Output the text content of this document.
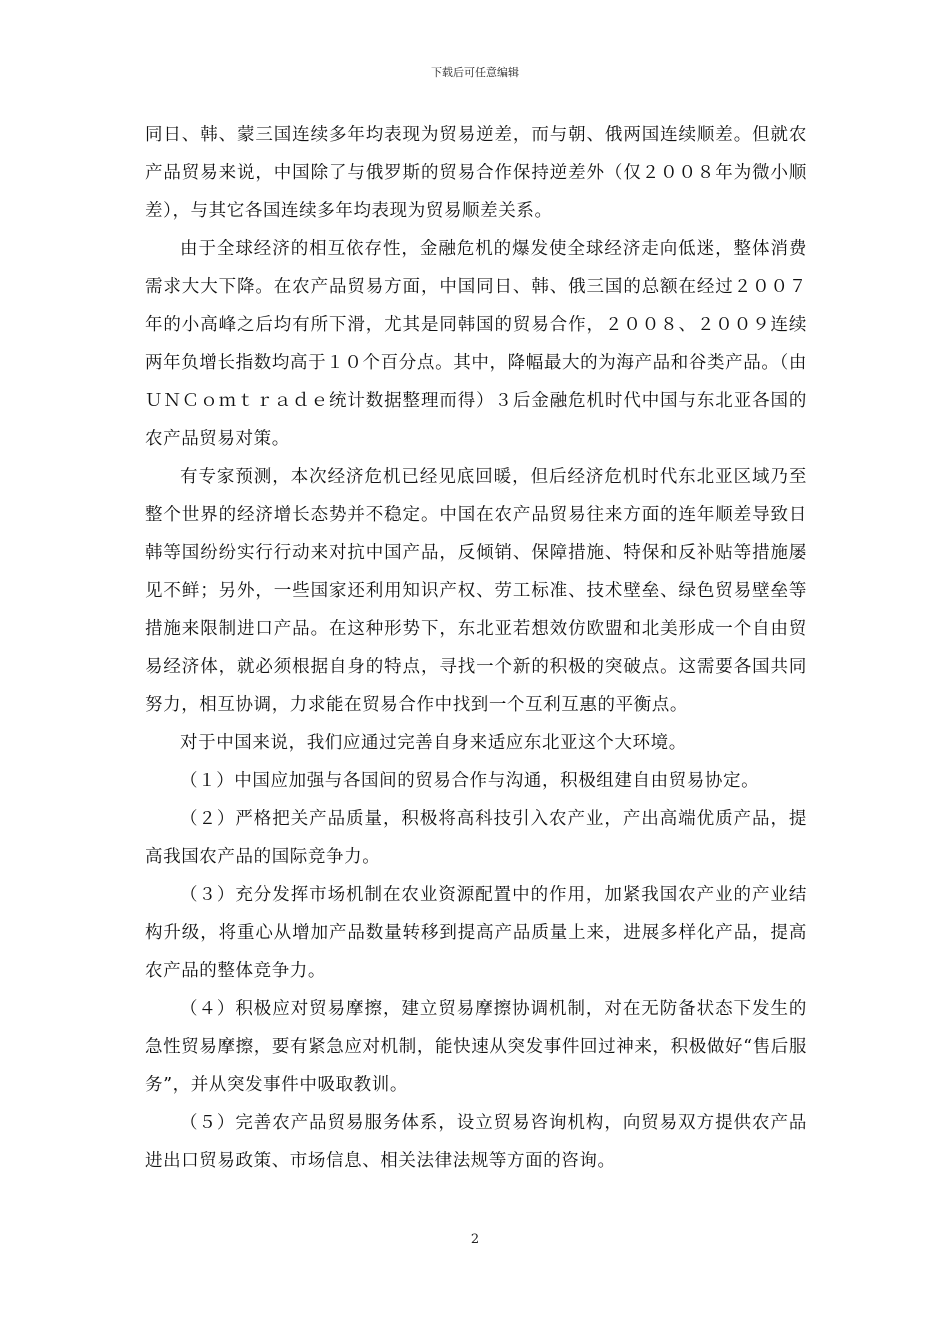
下载后可任意编辑

同日、韩、蒙三国连续多年均表现为贸易逆差，而与朝、俄两国连续顺差。但就农产品贸易来说，中国除了与俄罗斯的贸易合作保持逆差外（仅２００８年为微小顺差），与其它各国连续多年均表现为贸易顺差关系。

由于全球经济的相互依存性，金融危机的爆发使全球经济走向低迷，整体消费需求大大下降。在农产品贸易方面，中国同日、韩、俄三国的总额在经过２００７年的小高峰之后均有所下滑，尤其是同韩国的贸易合作，２００８、２００９连续两年负增长指数均高于１０个百分点。其中，降幅最大的为海产品和谷类产品。（由ＵＮＣｏｍｔｒａｄｅ统计数据整理而得）３后金融危机时代中国与东北亚各国的农产品贸易对策。

有专家预测，本次经济危机已经见底回暖，但后经济危机时代东北亚区域乃至整个世界的经济增长态势并不稳定。中国在农产品贸易往来方面的连年顺差导致日韩等国纷纷实行行动来对抗中国产品，反倾销、保障措施、特保和反补贴等措施屡见不鲜；另外，一些国家还利用知识产权、劳工标准、技术壁垒、绿色贸易壁垒等措施来限制进口产品。在这种形势下，东北亚若想效仿欧盟和北美形成一个自由贸易经济体，就必须根据自身的特点，寻找一个新的积极的突破点。这需要各国共同努力，相互协调，力求能在贸易合作中找到一个互利互惠的平衡点。

对于中国来说，我们应通过完善自身来适应东北亚这个大环境。

（１）中国应加强与各国间的贸易合作与沟通，积极组建自由贸易协定。

（２）严格把关产品质量，积极将高科技引入农产业，产出高端优质产品，提高我国农产品的国际竞争力。

（３）充分发挥市场机制在农业资源配置中的作用，加紧我国农产业的产业结构升级，将重心从增加产品数量转移到提高产品质量上来，进展多样化产品，提高农产品的整体竞争力。

（４）积极应对贸易摩擦，建立贸易摩擦协调机制，对在无防备状态下发生的急性贸易摩擦，要有紧急应对机制，能快速从突发事件回过神来，积极做好“售后服务”，并从突发事件中吸取教训。

（５）完善农产品贸易服务体系，设立贸易咨询机构，向贸易双方提供农产品进出口贸易政策、市场信息、相关法律法规等方面的咨询。

2
